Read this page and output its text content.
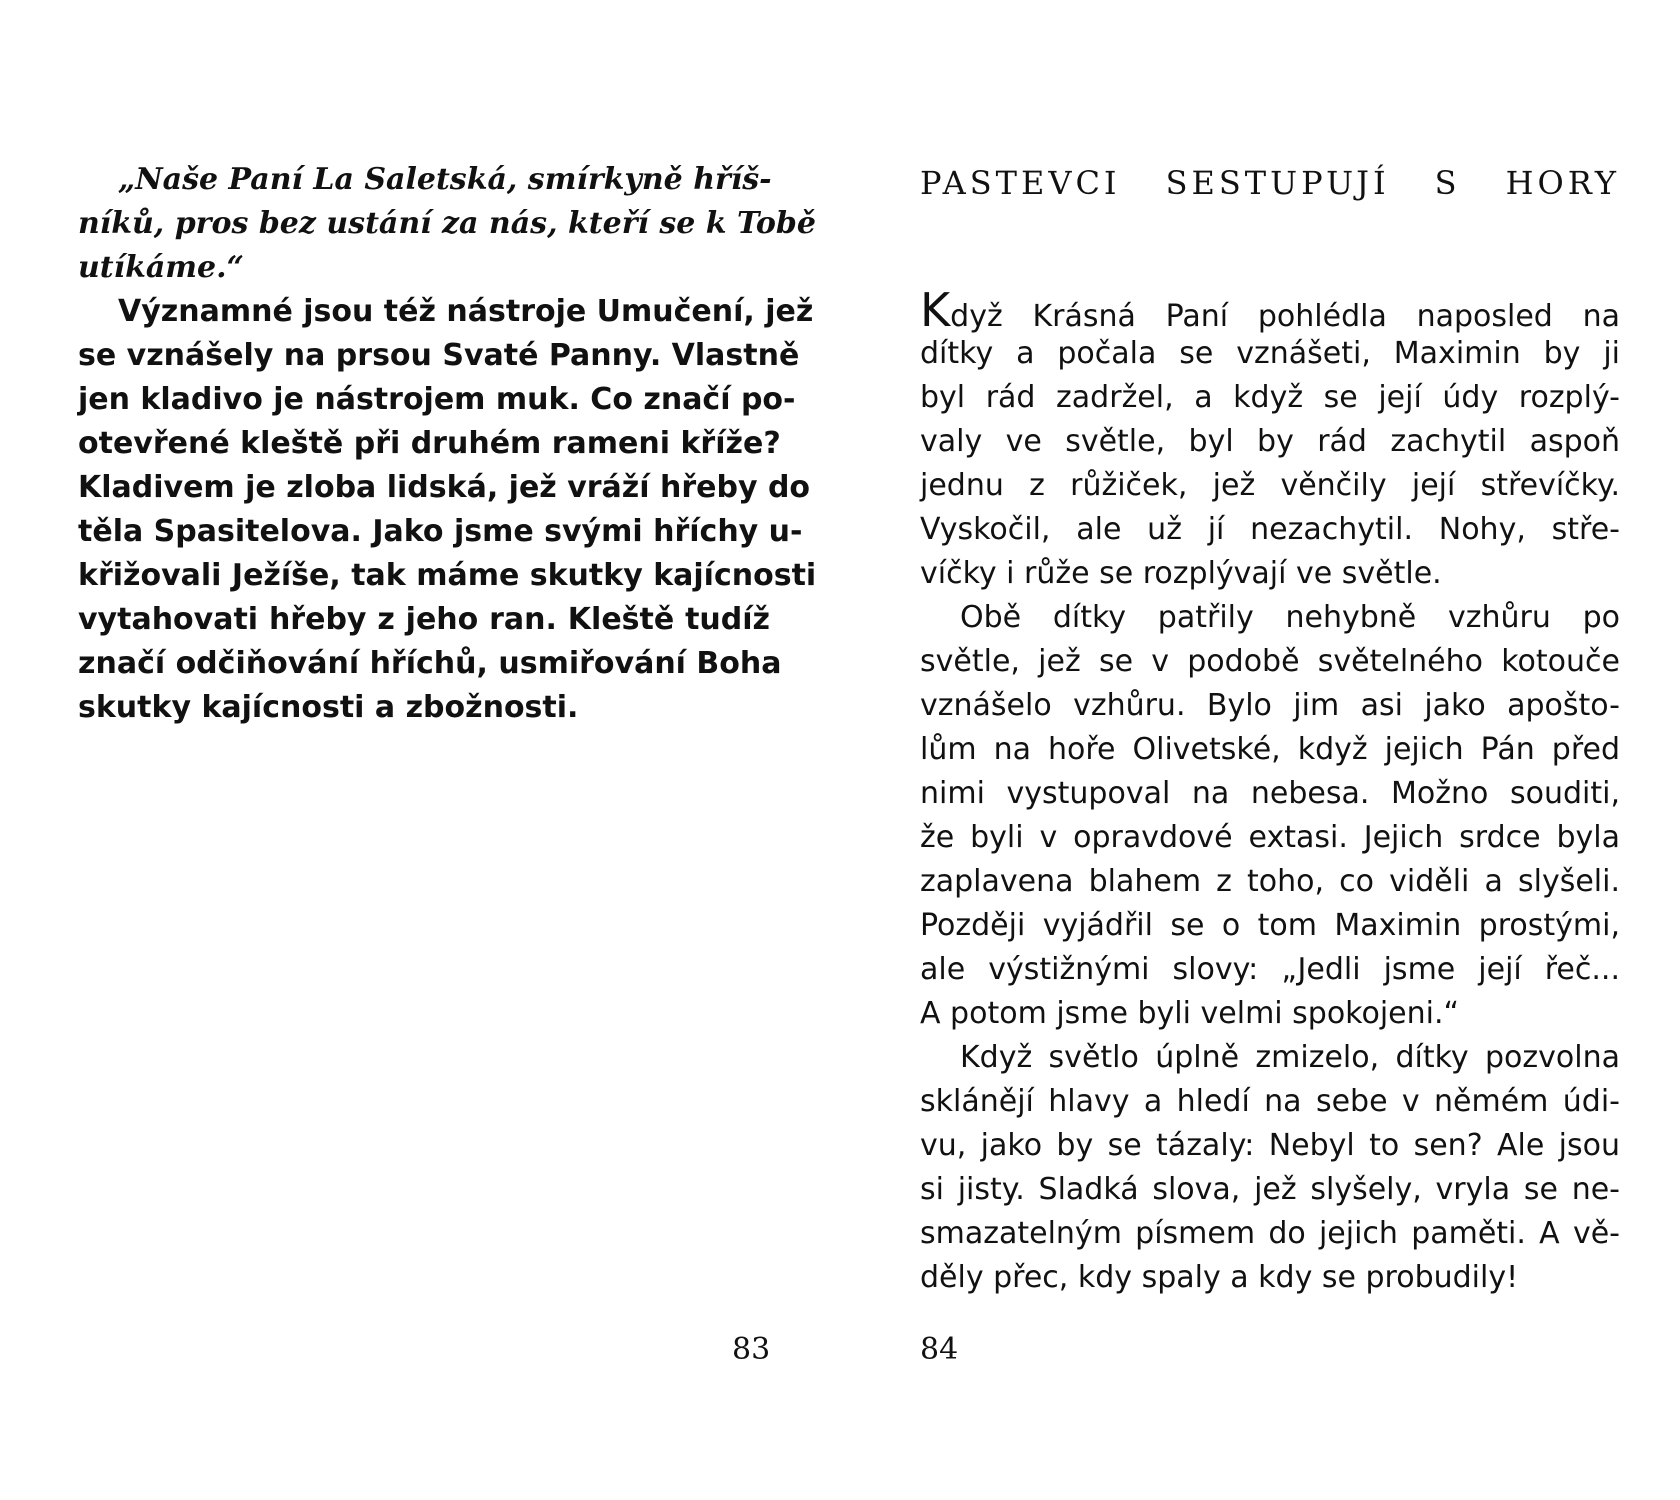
„Naše Paní La Saletská, smírkyně hříš-
níků, pros bez ustání za nás, kteří se k Tobě
utíkáme.“
Významné jsou též nástroje Umučení, jež
se vznášely na prsou Svaté Panny. Vlastně
jen kladivo je nástrojem muk. Co značí po-
otevřené kleště při druhém rameni kříže?
Kladivem je zloba lidská, jež vráží hřeby do
těla Spasitelova. Jako jsme svými hříchy u-
křižovali Ježíše, tak máme skutky kajícnosti
vytahovati hřeby z jeho ran. Kleště tudíž
značí odčiňování hříchů, usmiřování Boha
skutky kajícnosti a zbožnosti.
83
PASTEVCI SESTUPUJÍ S HORY
Když Krásná Paní pohlédla naposled na
dítky a počala se vznášeti, Maximin by ji
byl rád zadržel, a když se její údy rozplý-
valy ve světle, byl by rád zachytil aspoň
jednu z růžiček, jež věnčily její střevíčky.
Vyskočil, ale už jí nezachytil. Nohy, stře-
víčky i růže se rozplývají ve světle.
Obě dítky patřily nehybně vzhůru po
světle, jež se v podobě světelného kotouče
vznášelo vzhůru. Bylo jim asi jako apošto-
lům na hoře Olivetské, když jejich Pán před
nimi vystupoval na nebesa. Možno souditi,
že byli v opravdové extasi. Jejich srdce byla
zaplavena blahem z toho, co viděli a slyšeli.
Později vyjádřil se o tom Maximin prostými,
ale výstižnými slovy: „Jedli jsme její řeč...
A potom jsme byli velmi spokojeni.“
Když světlo úplně zmizelo, dítky pozvolna
sklánějí hlavy a hledí na sebe v němém údi-
vu, jako by se tázaly: Nebyl to sen? Ale jsou
si jisty. Sladká slova, jež slyšely, vryla se ne-
smazatelným písmem do jejich paměti. A vě-
děly přec, kdy spaly a kdy se probudily!
84
